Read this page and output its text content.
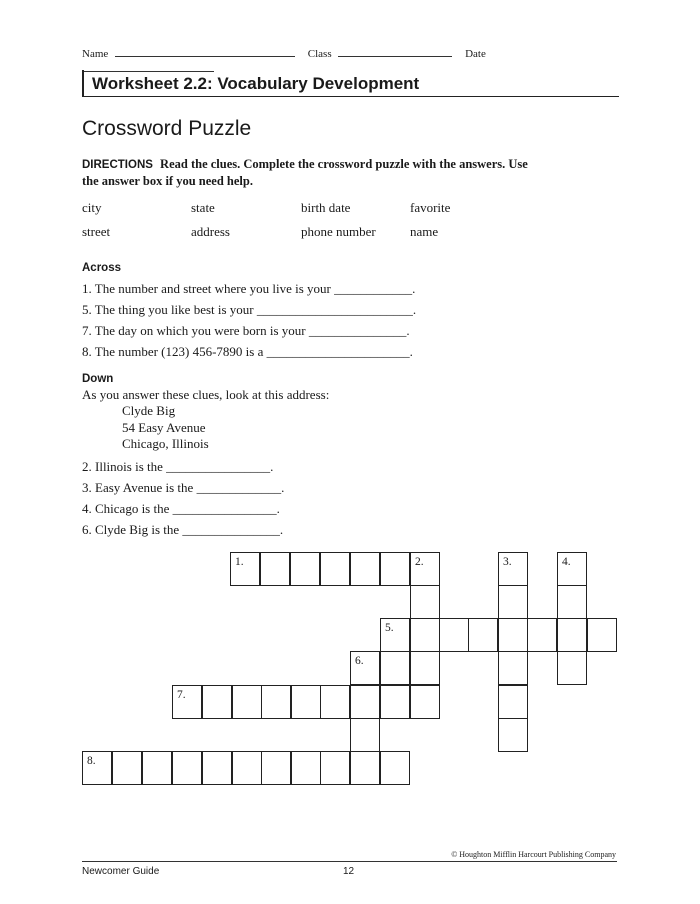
Name	Class	Date
Worksheet 2.2: Vocabulary Development
Crossword Puzzle
DIRECTIONS Read the clues. Complete the crossword puzzle with the answers. Use the answer box if you need help.
city	state	birth date	favorite
street	address	phone number	name
Across
1. The number and street where you live is your ____________.
5. The thing you like best is your ________________________.
7. The day on which you were born is your _______________.
8. The number (123) 456-7890 is a ______________________.
Down
As you answer these clues, look at this address:
Clyde Big
54 Easy Avenue
Chicago, Illinois
2. Illinois is the ________________.
3. Easy Avenue is the _____________.
4. Chicago is the ________________.
6. Clyde Big is the _______________.
1.	2.	3.	4.
5.
6.
7.
8.
© Houghton Mifflin Harcourt Publishing Company
Newcomer Guide	12
